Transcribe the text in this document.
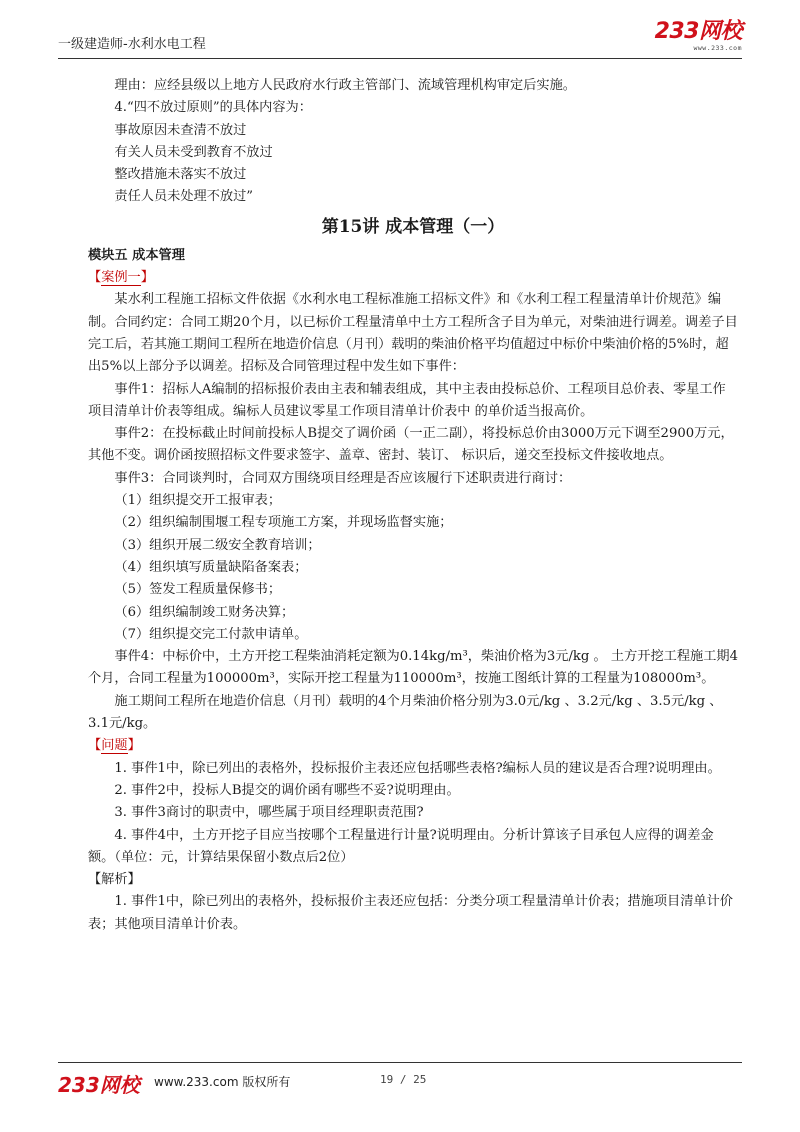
一级建造师-水利水电工程
233网校
www.233.com

理由：应经县级以上地方人民政府水行政主管部门、流域管理机构审定后实施。

4.“四不放过原则”的具体内容为：

事故原因未查清不放过

有关人员未受到教育不放过

整改措施未落实不放过

责任人员未处理不放过”

第15讲 成本管理（一）

模块五 成本管理

【案例一】

某水利工程施工招标文件依据《水利水电工程标准施工招标文件》和《水利工程工程量清单计价规范》编制。合同约定：合同工期20个月，以已标价工程量清单中土方工程所含子目为单元，对柴油进行调差。调差子目完工后，若其施工期间工程所在地造价信息（月刊）载明的柴油价格平均值超过中标价中柴油价格的5%时，超出5%以上部分予以调差。招标及合同管理过程中发生如下事件：

事件1：招标人A编制的招标报价表由主表和辅表组成，其中主表由投标总价、工程项目总价表、零星工作项目清单计价表等组成。编标人员建议零星工作项目清单计价表中 的单价适当报高价。

事件2：在投标截止时间前投标人B提交了调价函（一正二副），将投标总价由3000万元下调至2900万元，其他不变。调价函按照招标文件要求签字、盖章、密封、装订、 标识后，递交至投标文件接收地点。

事件3：合同谈判时，合同双方围绕项目经理是否应该履行下述职责进行商讨：

（1）组织提交开工报审表；

（2）组织编制围堰工程专项施工方案，并现场监督实施；

（3）组织开展二级安全教育培训；

（4）组织填写质量缺陷备案表；

（5）签发工程质量保修书；

（6）组织编制竣工财务决算；

（7）组织提交完工付款申请单。

事件4：中标价中，土方开挖工程柴油消耗定额为0.14kg/m³，柴油价格为3元/kg 。 土方开挖工程施工期4个月，合同工程量为100000m³，实际开挖工程量为110000m³，按施工图纸计算的工程量为108000m³。

施工期间工程所在地造价信息（月刊）载明的4个月柴油价格分别为3.0元/kg 、3.2元/kg 、3.5元/kg 、3.1元/kg。

【问题】

1. 事件1中，除已列出的表格外，投标报价主表还应包括哪些表格?编标人员的建议是否合理?说明理由。

2. 事件2中，投标人B提交的调价函有哪些不妥?说明理由。

3. 事件3商讨的职责中，哪些属于项目经理职责范围?

4. 事件4中，土方开挖子目应当按哪个工程量进行计量?说明理由。分析计算该子目承包人应得的调差金额。（单位：元，计算结果保留小数点后2位）

【解析】

1. 事件1中，除已列出的表格外，投标报价主表还应包括：分类分项工程量清单计价表；措施项目清单计价表；其他项目清单计价表。

233网校 www.233.com 版权所有	19 / 25
